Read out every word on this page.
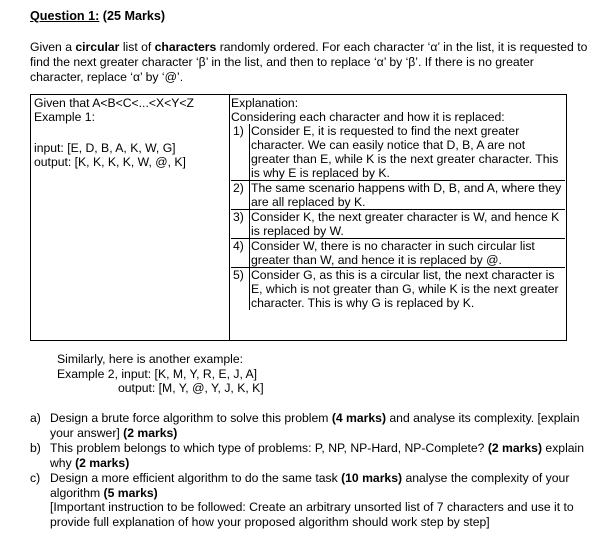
Question 1: (25 Marks)
Given a circular list of characters randomly ordered. For each character ‘α’ in the list, it is requested to find the next greater character ‘β’ in the list, and then to replace ‘α’ by ‘β’. If there is no greater character, replace ‘α’ by ‘@’.
Given that A<B<C<...<X<Y<Z
Example 1:
input: [E, D, B, A, K, W, G]
output: [K, K, K, K, W, @, K]
Explanation:
Considering each character and how it is replaced:
1) Consider E, it is requested to find the next greater character. We can easily notice that D, B, A are not greater than E, while K is the next greater character. This is why E is replaced by K.
2) The same scenario happens with D, B, and A, where they are all replaced by K.
3) Consider K, the next greater character is W, and hence K is replaced by W.
4) Consider W, there is no character in such circular list greater than W, and hence it is replaced by @.
5) Consider G, as this is a circular list, the next character is E, which is not greater than G, while K is the next greater character. This is why G is replaced by K.
Similarly, here is another example:
Example 2, input: [K, M, Y, R, E, J, A]
output: [M, Y, @, Y, J, K, K]
a) Design a brute force algorithm to solve this problem (4 marks) and analyse its complexity. [explain your answer] (2 marks)
b) This problem belongs to which type of problems: P, NP, NP-Hard, NP-Complete? (2 marks) explain why (2 marks)
c) Design a more efficient algorithm to do the same task (10 marks) analyse the complexity of your algorithm (5 marks)
[Important instruction to be followed: Create an arbitrary unsorted list of 7 characters and use it to provide full explanation of how your proposed algorithm should work step by step]
